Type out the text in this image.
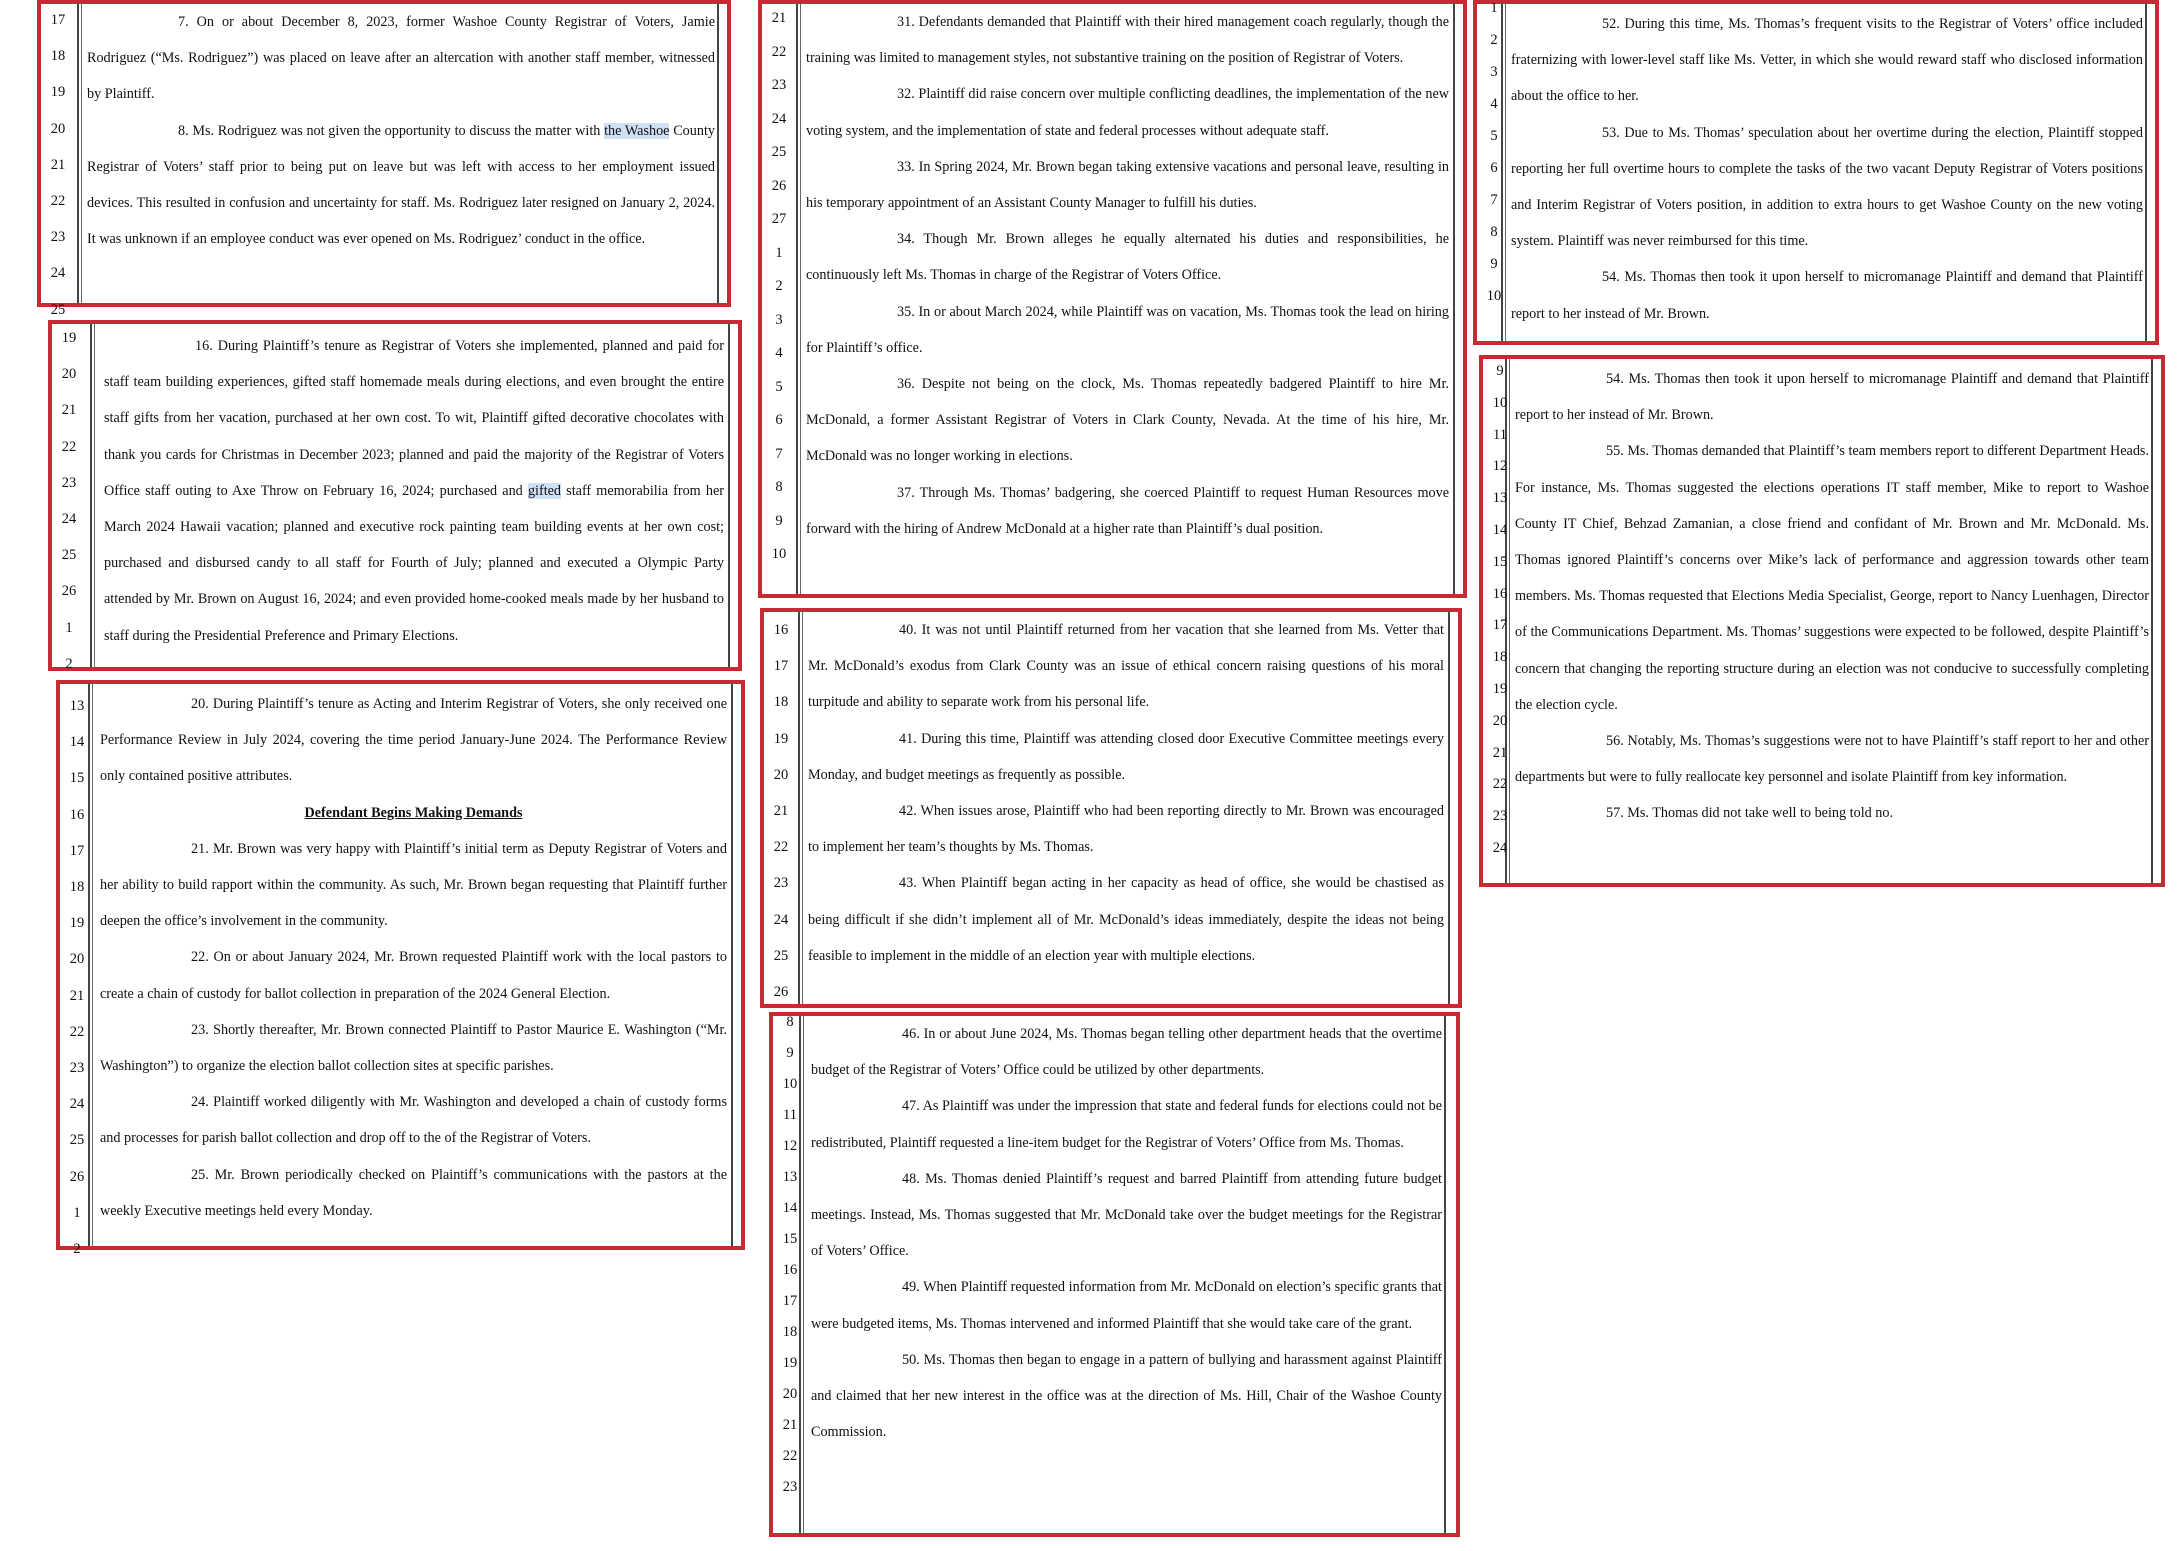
17
18
19
20
21
22
23
24
25

7. On or about December 8, 2023, former Washoe County Registrar of Voters, Jamie Rodriguez (“Ms. Rodriguez”) was placed on leave after an altercation with another staff member, witnessed by Plaintiff.

8. Ms. Rodriguez was not given the opportunity to discuss the matter with the Washoe County Registrar of Voters’ staff prior to being put on leave but was left with access to her employment issued devices. This resulted in confusion and uncertainty for staff. Ms. Rodriguez later resigned on January 2, 2024. It was unknown if an employee conduct was ever opened on Ms. Rodriguez’ conduct in the office.

19
20
21
22
23
24
25
26
1
2

16. During Plaintiff’s tenure as Registrar of Voters she implemented, planned and paid for staff team building experiences, gifted staff homemade meals during elections, and even brought the entire staff gifts from her vacation, purchased at her own cost. To wit, Plaintiff gifted decorative chocolates with thank you cards for Christmas in December 2023; planned and paid the majority of the Registrar of Voters Office staff outing to Axe Throw on February 16, 2024; purchased and gifted staff memorabilia from her March 2024 Hawaii vacation; planned and executive rock painting team building events at her own cost; purchased and disbursed candy to all staff for Fourth of July; planned and executed a Olympic Party attended by Mr. Brown on August 16, 2024; and even provided home-cooked meals made by her husband to staff during the Presidential Preference and Primary Elections.

13
14
15
16
17
18
19
20
21
22
23
24
25
26
1
2

20. During Plaintiff’s tenure as Acting and Interim Registrar of Voters, she only received one Performance Review in July 2024, covering the time period January-June 2024. The Performance Review only contained positive attributes.

Defendant Begins Making Demands

21. Mr. Brown was very happy with Plaintiff’s initial term as Deputy Registrar of Voters and her ability to build rapport within the community. As such, Mr. Brown began requesting that Plaintiff further deepen the office’s involvement in the community.

22. On or about January 2024, Mr. Brown requested Plaintiff work with the local pastors to create a chain of custody for ballot collection in preparation of the 2024 General Election.

23. Shortly thereafter, Mr. Brown connected Plaintiff to Pastor Maurice E. Washington (“Mr. Washington”) to organize the election ballot collection sites at specific parishes.

24. Plaintiff worked diligently with Mr. Washington and developed a chain of custody forms and processes for parish ballot collection and drop off to the of the Registrar of Voters.

25. Mr. Brown periodically checked on Plaintiff’s communications with the pastors at the weekly Executive meetings held every Monday.

21
22
23
24
25
26
27
1
2
3
4
5
6
7
8
9
10

31. Defendants demanded that Plaintiff with their hired management coach regularly, though the training was limited to management styles, not substantive training on the position of Registrar of Voters.

32. Plaintiff did raise concern over multiple conflicting deadlines, the implementation of the new voting system, and the implementation of state and federal processes without adequate staff.

33. In Spring 2024, Mr. Brown began taking extensive vacations and personal leave, resulting in his temporary appointment of an Assistant County Manager to fulfill his duties.

34. Though Mr. Brown alleges he equally alternated his duties and responsibilities, he continuously left Ms. Thomas in charge of the Registrar of Voters Office.

35. In or about March 2024, while Plaintiff was on vacation, Ms. Thomas took the lead on hiring for Plaintiff’s office.

36. Despite not being on the clock, Ms. Thomas repeatedly badgered Plaintiff to hire Mr. McDonald, a former Assistant Registrar of Voters in Clark County, Nevada. At the time of his hire, Mr. McDonald was no longer working in elections.

37. Through Ms. Thomas’ badgering, she coerced Plaintiff to request Human Resources move forward with the hiring of Andrew McDonald at a higher rate than Plaintiff’s dual position.

16
17
18
19
20
21
22
23
24
25
26

40. It was not until Plaintiff returned from her vacation that she learned from Ms. Vetter that Mr. McDonald’s exodus from Clark County was an issue of ethical concern raising questions of his moral turpitude and ability to separate work from his personal life.

41. During this time, Plaintiff was attending closed door Executive Committee meetings every Monday, and budget meetings as frequently as possible.

42. When issues arose, Plaintiff who had been reporting directly to Mr. Brown was encouraged to implement her team’s thoughts by Ms. Thomas.

43. When Plaintiff began acting in her capacity as head of office, she would be chastised as being difficult if she didn’t implement all of Mr. McDonald’s ideas immediately, despite the ideas not being feasible to implement in the middle of an election year with multiple elections.

8
9
10
11
12
13
14
15
16
17
18
19
20
21
22
23

46. In or about June 2024, Ms. Thomas began telling other department heads that the overtime budget of the Registrar of Voters’ Office could be utilized by other departments.

47. As Plaintiff was under the impression that state and federal funds for elections could not be redistributed, Plaintiff requested a line-item budget for the Registrar of Voters’ Office from Ms. Thomas.

48. Ms. Thomas denied Plaintiff’s request and barred Plaintiff from attending future budget meetings. Instead, Ms. Thomas suggested that Mr. McDonald take over the budget meetings for the Registrar of Voters’ Office.

49. When Plaintiff requested information from Mr. McDonald on election’s specific grants that were budgeted items, Ms. Thomas intervened and informed Plaintiff that she would take care of the grant.

50. Ms. Thomas then began to engage in a pattern of bullying and harassment against Plaintiff and claimed that her new interest in the office was at the direction of Ms. Hill, Chair of the Washoe County Commission.

1
2
3
4
5
6
7
8
9
10

52. During this time, Ms. Thomas’s frequent visits to the Registrar of Voters’ office included fraternizing with lower-level staff like Ms. Vetter, in which she would reward staff who disclosed information about the office to her.

53. Due to Ms. Thomas’ speculation about her overtime during the election, Plaintiff stopped reporting her full overtime hours to complete the tasks of the two vacant Deputy Registrar of Voters positions and Interim Registrar of Voters position, in addition to extra hours to get Washoe County on the new voting system. Plaintiff was never reimbursed for this time.

54. Ms. Thomas then took it upon herself to micromanage Plaintiff and demand that Plaintiff report to her instead of Mr. Brown.

9
10
11
12
13
14
15
16
17
18
19
20
21
22
23
24

54. Ms. Thomas then took it upon herself to micromanage Plaintiff and demand that Plaintiff report to her instead of Mr. Brown.

55. Ms. Thomas demanded that Plaintiff’s team members report to different Department Heads. For instance, Ms. Thomas suggested the elections operations IT staff member, Mike to report to Washoe County IT Chief, Behzad Zamanian, a close friend and confidant of Mr. Brown and Mr. McDonald. Ms. Thomas ignored Plaintiff’s concerns over Mike’s lack of performance and aggression towards other team members. Ms. Thomas requested that Elections Media Specialist, George, report to Nancy Luenhagen, Director of the Communications Department. Ms. Thomas’ suggestions were expected to be followed, despite Plaintiff’s concern that changing the reporting structure during an election was not conducive to successfully completing the election cycle.

56. Notably, Ms. Thomas’s suggestions were not to have Plaintiff’s staff report to her and other departments but were to fully reallocate key personnel and isolate Plaintiff from key information.

57. Ms. Thomas did not take well to being told no.
